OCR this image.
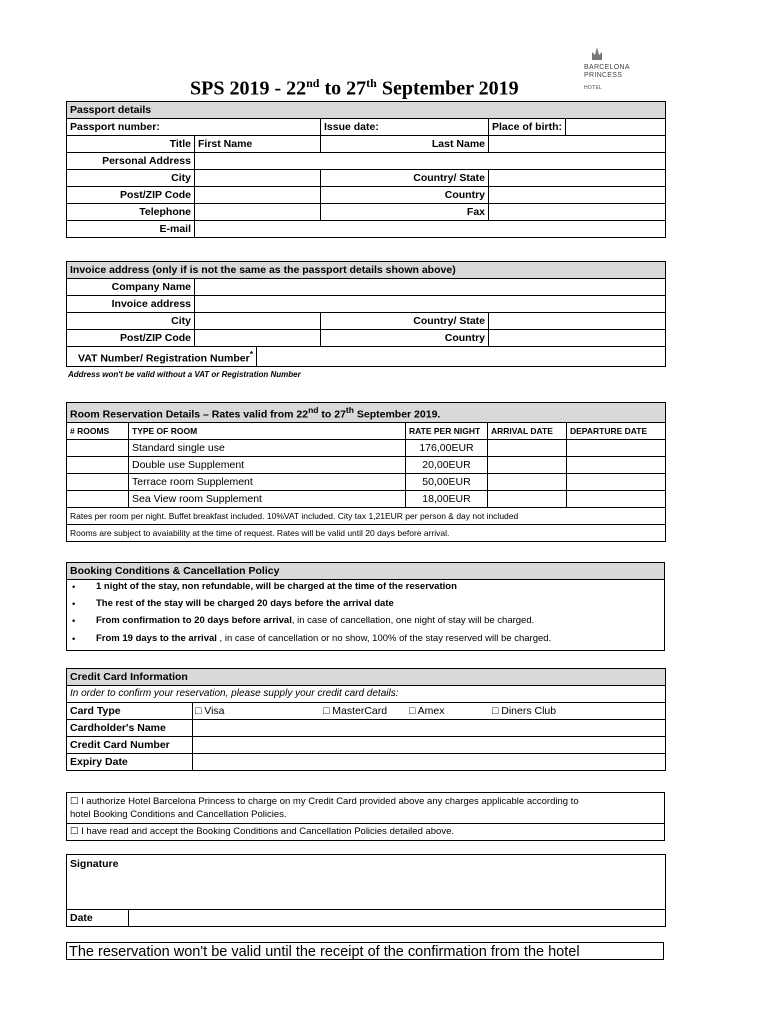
BARCELONA
PRINCESS
HOTEL
SPS 2019 - 22nd to 27th September 2019
Passport details
Passport number:	Issue date:		Place of birth:	

Title	First Name	Last Name	
Personal Address	
City		Country/ State	
Post/ZIP Code		Country	
Telephone		Fax	
E-mail	
Invoice address (only if is not the same as the passport details shown above)				
Company Name				
Invoice address				
City			Country/ State	
Post/ZIP Code			Country	
VAT Number/ Registration Number*	
Address won't be valid without a VAT or Registration Number
Room Reservation Details – Rates valid from 22nd to 27th September 2019.				
# ROOMS	TYPE OF ROOM	RATE PER NIGHT	ARRIVAL DATE	DEPARTURE DATE
	Standard single use	176,00EUR		
	Double use Supplement	20,00EUR		
	Terrace room Supplement	50,00EUR		
	Sea View room Supplement	18,00EUR		
Rates per room per night. Buffet breakfast included. 10%VAT included. City tax 1,21EUR per person & day not included				
Rooms are subject to avaiability at the time of request. Rates will be valid until 20 days before arrival.				
Booking Conditions & Cancellation Policy

•
•
•
•
1 night of the stay, non refundable, will be charged at the time of the reservation
The rest of the stay will be charged 20 days before the arrival date
From confirmation to 20 days before arrival, in case of cancellation, one night of stay will be charged.
From 19 days to the arrival , in case of cancellation or no show, 100% of the stay reserved will be charged.
Credit Card Information	
In order to confirm your reservation, please supply your credit card details:	
Card Type	□ Visa □ MasterCard □ Amex □ Diners Club

Cardholder's Name	
Credit Card Number	
Expiry Date	
☐ I authorize Hotel Barcelona Princess to charge on my Credit Card provided above any charges applicable according to
hotel Booking Conditions and Cancellation Policies.
☐ I have read and accept the Booking Conditions and Cancellation Policies detailed above.
Signature
Date	
The reservation won't be valid until the receipt of the confirmation from the hotel
